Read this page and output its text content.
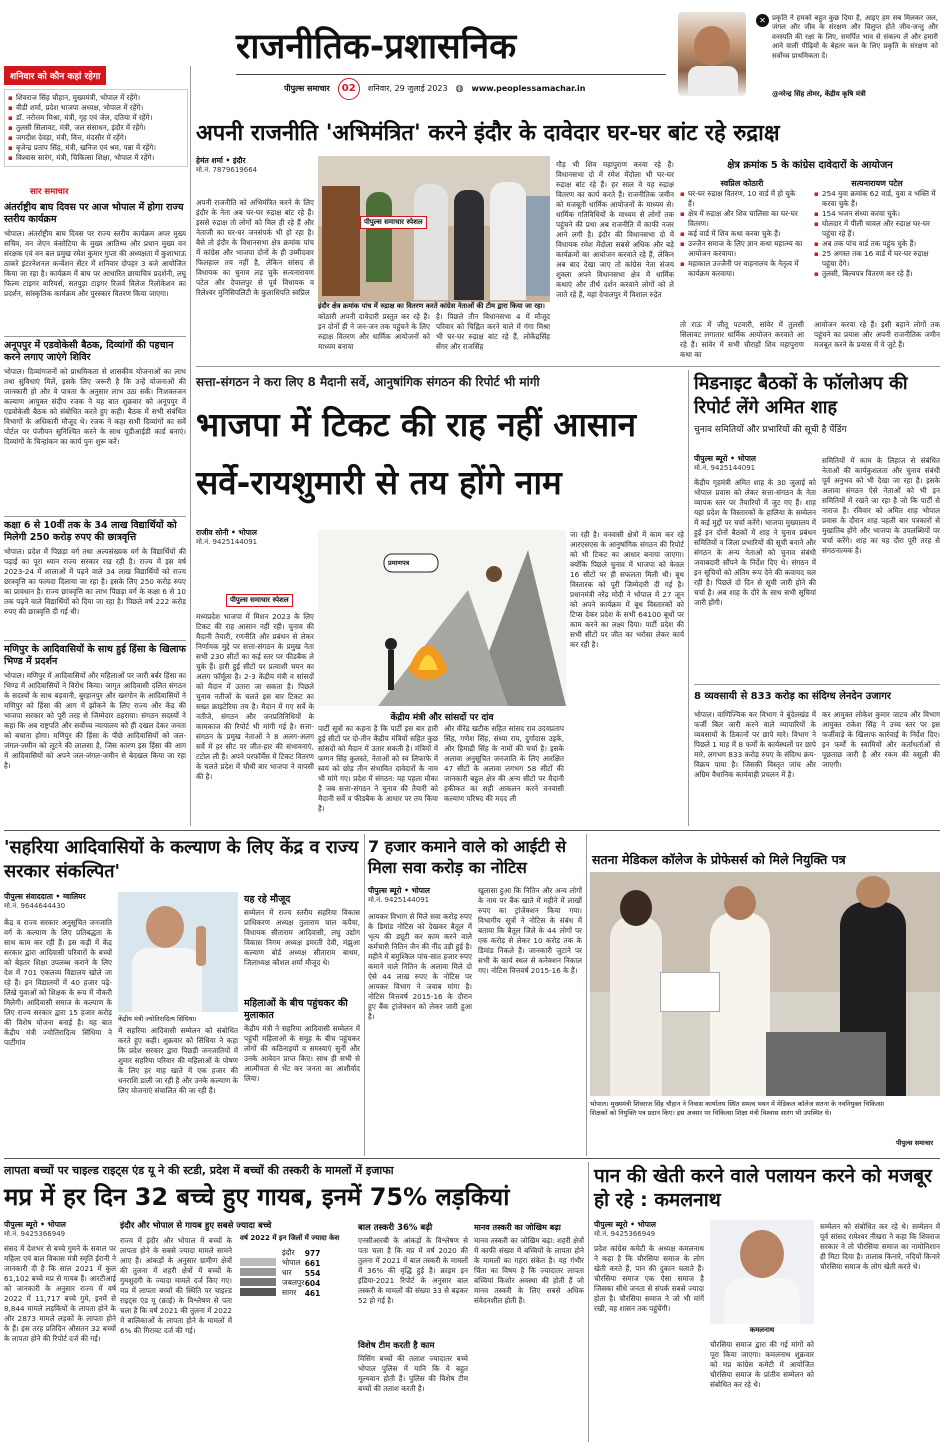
राजनीतिक-प्रशासनिक
पीपुल्स समाचार	02	शनिवार, 29 जुलाई 2023 ◍ www.peoplessamachar.in
✕ प्रकृति ने हमको बहुत कुछ दिया है, आइए हम सब मिलकर जल, जंगल और जीव के संरक्षण और विलुप्त होते जीव-जन्तु और वनस्पति की रक्षा के लिए, समर्पित भाव से संकल्प लें और हमारी आने वाली पीढ़ियों के बेहतर कल के लिए प्रकृति के संरक्षण को सर्वोच्च प्राथमिकता दें।
@नरेन्द्र सिंह तोमर, केंद्रीय कृषि मंत्री
शनिवार को कौन कहां रहेगा
▪ शिवराज सिंह चौहान, मुख्यमंत्री, भोपाल में रहेंगे।
▪ वीडी शर्मा, प्रदेश भाजपा अध्यक्ष, भोपाल में रहेंगे।
▪ डॉ. नरोत्तम मिश्रा, मंत्री, गृह एवं जेल, दतिया में रहेंगे।
▪ तुलसी सिलावट, मंत्री, जल संसाधन, इंदौर में रहेंगे।
▪ जगदीश देवड़ा, मंत्री, वित्त, मंदसौर में रहेंगे।
▪ बृजेन्द्र प्रताप सिंह, मंत्री, खनिज एवं श्रम, पन्ना में रहेंगे।
▪ विश्वास सारंग, मंत्री, चिकित्सा शिक्षा, भोपाल में रहेंगे।
सार समाचार
अंतर्राष्ट्रीय बाघ दिवस पर आज भोपाल में होगा राज्य स्तरीय कार्यक्रम
भोपाल। अंतर्राष्ट्रीय बाघ दिवस पर राज्य स्तरीय कार्यक्रम अपर मुख्य सचिव, वन जेएन कंसोटिया के मुख्य आतिथ्य और प्रधान मुख्य वन संरक्षक एवं वन बल प्रमुख रमेश कुमार गुप्ता की अध्यक्षता में कुशाभाऊ ठाकरे इंटरनेशनल कन्वेंशन सेंटर में शनिवार दोपहर 3 बजे आयोजित किया जा रहा है। कार्यक्रम में बाघ पर आधारित छायाचित्र प्रदर्शनी, लघु फिल्म टाइगर वारियर्स, सतपुड़ा टाइगर रिजर्व विलेज रिलोकेशन का प्रदर्शन, सांस्कृतिक कार्यक्रम और पुरस्कार वितरण किया जाएगा।
अनूपपुर में एडवोकेसी बैठक, दिव्यांगों की पहचान करने लगाए जाएंगे शिविर
भोपाल। दिव्यांगजनों को प्राथमिकता से शासकीय योजनाओं का लाभ तथा सुविधाएं मिलें, इसके लिए जरूरी है कि उन्हें योजनाओं की जानकारी हो और वे पात्रता के अनुसार लाभ उठा सकें। निःशक्तजन कल्याण आयुक्त संदीप रजक ने यह बात शुक्रवार को अनूपपुर में एडवोकेसी बैठक को संबोधित करते हुए कही। बैठक में सभी संबंधित विभागों के अधिकारी मौजूद थे। रजक ने कहा सभी दिव्यांगों का सर्वे पोर्टल पर पंजीयन सुनिश्चित करने के साथ यूडीआईडी कार्ड बनाएं। दिव्यांगों के चिन्हांकन का कार्य पुनः शुरू करें।
कक्षा 6 से 10वीं तक के 34 लाख विद्यार्थियों को मिलेगी 250 करोड़ रुपए की छात्रवृत्ति
भोपाल। प्रदेश में पिछड़ा वर्ग तथा अल्पसंख्यक वर्ग के विद्यार्थियों की पढ़ाई का पूरा ध्यान राज्य सरकार रख रही है। राज्य में इस वर्ष 2023-24 में शालाओं में पढ़ने वाले 34 लाख विद्यार्थियों को राज्य छात्रवृत्ति का फायदा दिलाया जा रहा है। इसके लिए 250 करोड़ रुपए का प्रावधान है। राज्य छात्रवृत्ति का लाभ पिछड़ा वर्ग के कक्षा 6 से 10 तक पढ़ने वाले विद्यार्थियों को दिया जा रहा है। पिछले वर्ष 222 करोड़ रुपए की छात्रवृत्ति दी गई थी।
मणिपुर के आदिवासियों के साथ हुई हिंसा के खिलाफ भिण्ड में प्रदर्शन
भोपाल। मणिपुर में आदिवासियों और महिलाओं पर जारी बर्बर हिंसा का भिण्ड में आदिवासियों ने विरोध किया। जागृत आदिवासी दलित संगठन के सदस्यों के साथ बड़वानी, बुरहानपुर और खरगोन के आदिवासियों ने मणिपुर को हिंसा की आग में झोंकने के लिए राज्य और केंद्र की भाजपा सरकार को पूरी तरह से जिम्मेदार ठहराया। संगठन सदस्यों ने कहा कि अब राष्ट्रपति और सर्वोच्च न्यायालय को ही दखल देकर जनता को बचाना होगा। मणिपुर की हिंसा के पीछे आदिवासियों को जल-जंगल-जमीन को लूटने की लालसा है, जिस कारण इस हिंसा की आग में आदिवासियों को अपने जल-जंगल-जमीन से बेदखल किया जा रहा है।
अपनी राजनीति 'अभिमंत्रित' करने इंदौर के दावेदार घर-घर बांट रहे रुद्राक्ष
हेमंत शर्मा • इंदौर
मो.नं. 7879619664
अपनी राजनीति को अभिमंत्रित करने के लिए इंदौर के नेता अब घर-घर रुद्राक्ष बांट रहे हैं। इससे रुद्राक्ष तो लोगों को मिल ही रहे हैं और नेताजी का घर-घर जनसंपर्क भी हो रहा है। बैसे तो इंदौर के विधानसभा क्षेत्र क्रमांक पांच में कांग्रेस और भाजपा दोनों के ही उम्मीदवार फिलहाल तय नहीं है, लेकिन सांसद से विधायक का चुनाव लड़ चुके सत्यनारायण पटेल और देपालपुर से पूर्व विधायक व रिलेश्वर मुनिसिपलिटी के कुलाधिपति स्वप्निल
पीपुल्स समाचार स्पेशल
इंदौर क्षेत्र क्रमांक पांच में रुद्राक्ष का वितरण करते कांग्रेस नेताओं की टीम द्वारा किया जा रहा।
कोठारी अपनी दावेदारी प्रस्तुत कर रहे हैं। इन दोनों ही ने जन-जन तक पहुंचने के लिए रुद्राक्ष वितरण और धार्मिक आयोजनों को माध्यम बनाया
है। पिछले तीन विधानसभा 4 में मौजूद परिवार को चिह्नित करने वाले में गंगा मिश्रा भी घर-घर रुद्राक्ष बांट रहे हैं, लोकेंद्रसिंह सेंगर और राजसिंह
गौड़ भी शिव महापुराण करवा रहे हैं। विधानसभा दो में रमेश मेंदोला भी घर-घर रुद्राक्ष बांट रहे हैं। हर साल वे यह रुद्राक्ष वितरण का कार्य करते हैं। राजनीतिक जमीन को मजबूती धार्मिक आयोजनों के माध्यम से। धार्मिक गतिविधियों के माध्यम से लोगों तक पहुंचने की प्रथा अब राजनीति में काफी नजर आने लगी है। इंदौर की विधानसभा दो में विधायक रमेश मेंदोला सबसे अधिक और बड़े कार्यक्रमों का आयोजन करवाते रहे हैं, लेकिन अब बाद देखा जाए तो कांग्रेस नेता संजय शुक्ला अपने विधानसभा क्षेत्र में धार्मिक कथाएं और तीर्थ दर्शन करवाने लोगों को ले जाते रहे हैं, यहां देपालपुर में विशाल रुद्रेत
क्षेत्र क्रमांक 5 के कांग्रेस दावेदारों के आयोजन
स्वप्निल कोठारी
▪ घर-घर रुद्राक्ष वितरण, 10 वार्ड में हो चुके हैं।
▪ क्षेत्र में रुद्राक्ष और शिव चालिसा का घर-घर वितरण।
▪ कई वार्ड में शिव कथा करवा चुके हैं।
▪ उज्जैन समाज के लिए ज्ञान कथा महात्म्य का आयोजन करवाया।
▪ महाकाल उज्जैनी पर वाहनालय के नेतृत्व में कार्यक्रम करवाया।
सत्यनारायण पटेल
▪ 254 युवा क्रमांक 62 वार्ड, युवा व भक्ति में करवा चुके हैं।
▪ 154 भजन संध्या करवा चुके।
▪ घोलदार में पीली चावल और रुद्राक्ष घर-घर पहुंचा रहे हैं।
▪ अब तक पांच वार्ड तक पहुंच चुके हैं।
▪ 25 अगस्त तक 16 वार्ड में घर-घर रुद्राक्ष पहुंचा देंगे।
▪ तुलसी, बिल्वपत्र वितरण कर रहे हैं।
तो राऊ में जीतू पटवारी, सांवेर में तुलसी सिलावट लगातार धार्मिक आयोजन करवाते आ रहे हैं। सांवेर में सभी चौराहों शिव महापुराण कथा का
आयोजन करवा रहे हैं। इसी बहाने लोगों तक पहुंचने का प्रयास और अपनी राजनीतिक जमीन मजबूत करने के प्रयास में ये जुटे हैं।
सत्ता-संगठन ने करा लिए 8 मैदानी सर्वे, आनुषांगिक संगठन की रिपोर्ट भी मांगी
भाजपा में टिकट की राह नहीं आसान
सर्वे-रायशुमारी से तय होंगे नाम
राजीव सोनी • भोपाल
मो.नं. 9425144091
पीपुल्स समाचार स्पेशल
मध्यप्रदेश भाजपा में मिशन 2023 के लिए टिकट की राह आसान नहीं रही। चुनाव की मैदानी तैयारी, रणनीति और प्रबंधन से लेकर निर्णायक मुद्दे पर सत्ता-संगठन के प्रमुख नेता सभी 230 सीटों का कई स्तर पर फीडबैक ले चुके हैं। हारी हुई सीटों पर प्रत्याशी चयन का अलग फॉर्मूला है। 2-3 केंद्रीय मंत्री व सांसदों को मैदान में उतारा जा सकता है। पिछले चुनाव नतीजों के चलते इस बार टिकट का सख्त क्राइटेरिया तय है। मैदान में गए सर्वे के नतीजे, संगठन और जनप्रतिनिधियों के कामकाज की रिपोर्ट भी मांगी गई है। सत्ता-संगठन के प्रमुख नेताओं ने 8 अलग-अलग सर्वे में हर सीट पर जीत-हार की संभावनाएं, टटोल ली हैं। अपने परफॉर्मेंस में टिकट वितरण के चलते प्रदेश में चौथी बार भाजपा ने वापसी की है।
प्रमाणपत्र
केंद्रीय मंत्री और सांसदों पर दांव
पार्टी सूत्रों का कहना है कि पार्टी इस बार हारी हुई सीटों पर दो-तीन केंद्रीय मंत्रियों सहित कुछ सांसदों को मैदान में उतार सकती है। मंत्रियों में फग्गन सिंह कुलस्ते, नेताओं को स्व लिफाफे में स्वयं को छोड़ तीन संभावित दावेदारों के नाम भी मांगे गए। प्रदेश में संगठन: यह पहला मौका है जब सत्ता-संगठन ने चुनाव की तैयारी को मैदानी सर्वे व फीडबैक के आधार पर तय किया है।
और वीरेंद्र खटीक सहित सांसद राव उदयप्रताप सिंह, गणेश सिंह, संध्या राय, दुर्गादास उइके, और हिमाद्री सिंह के नामों की चर्चा है। इसके अलावा अनुसूचित जनजाति के लिए आरक्षित 47 सीटों के अलावा लगभग 58 सीटों की जानकारी बहुल क्षेत्र की अन्य सीटों पर मैदानी हकीकत का सही आकलन करने वनवासी कल्याण परिषद की मदद ली
जा रही है। वनवासी क्षेत्रों में काम कर रहे आरएसएस के आनुषांगिक संगठन की रिपोर्ट को भी टिकट का आधार बनाया जाएगा। क्योंकि पिछले चुनाव में भाजपा को केवल 16 सीटों पर ही सफलता मिली थी। बूथ विस्तारक को पूरी जिम्मेदारी दी गई है। प्रधानमंत्री नरेंद्र मोदी ने भोपाल में 27 जून को अपने कार्यक्रम में बूथ विस्तारकों को टिप्स देकर प्रदेश के सभी 64100 बूथों पर काम करने का लक्ष्य दिया। पार्टी प्रदेश की सभी सीटों पर जीत का भरोसा लेकर कार्य कर रही है।
मिडनाइट बैठकों के फॉलोअप की रिपोर्ट लेंगे अमित शाह
चुनाव समितियों और प्रभारियों की सूची है पेंडिंग
पीपुल्स ब्यूरो • भोपाल
मो.नं. 9425144091
केंद्रीय गृहमंत्री अमित शाह के 30 जुलाई को भोपाल प्रवास को लेकर सत्ता-संगठन के नेता व्यापक स्तर पर तैयारियों में जुट गए हैं। शाह यहां प्रदेश के विस्तारकों के हालिया के सम्मेलन में कई मुद्दों पर चर्चा करेंगे। भाजपा मुख्यालय में हुई इन दोनों बैठकों में शाह ने चुनाव प्रबंधन समितियों व जिला प्रभारियों की सूची बनाने और संगठन के अन्य नेताओं को चुनाव संबंधी जवाबदारी सौंपने के निर्देश दिए थे। संगठन में इन सूचियों को अंतिम रूप देने की कवायद चल रही है। पिछले दो दिन से सूची जारी होने की चर्चा है। अब शाह के दौरे के साथ सभी सूचियां जारी होंगी।
समितियों में काम के लिहाज से संबंधित नेताओं की कार्यकुशलता और चुनाव संबंधी पूर्व अनुभव को भी देखा जा रहा है। इसके अलावा संगठन ऐसे नेताओं को भी इन समितियों में रखने जा रहा है जो कि पार्टी से नाराज हैं। रविवार को अमित शाह भोपाल प्रवास के दौरान शाह पहली बार पत्रकारों से मुखातिब होंगे और भाजपा के उपलब्धियों पर चर्चा करेंगे। शाह का यह दौरा पूरी तरह से संगठनात्मक है।
8 व्यवसायी से 833 करोड़ का संदिग्ध लेनदेन उजागर
भोपाल। वाणिज्यिक कर विभाग ने बुंदेलखंड में फर्जी बिल जारी करने वाले व्यापारियों के व्यवसायों के ठिकानों पर छापे मारे। विभाग ने पिछले 1 माह में 8 फर्मों के कार्यस्थलों पर छापे मारे, लगभग 833 करोड़ रुपए के संदिग्ध क्रय-विक्रय पाया है। जिसकी विस्तृत जांच और अग्रिम वैधानिक कार्यवाही प्रचलन में है।
कर आयुक्त लोकेश कुमार जाटव और विभाग आयुक्त राकेश सिंह ने उच्च स्तर पर इस फर्जीवाड़े के खिलाफ कार्रवाई के निर्देश दिए। इन फर्मों के स्वामियों और कर्ताधर्ताओं से पूछताछ जारी है और रकम की वसूली की जाएगी।
'सहरिया आदिवासियों के कल्याण के लिए केंद्र व राज्य सरकार संकल्पित'
पीपुल्स संवाददाता • ग्वालियर
मो.नं. 9644644430
केंद्रीय मंत्री ज्योतिरादित्य सिंधिया।
केंद्र व राज्य सरकार अनुसूचित जनजाति वर्ग के कल्याण के लिए प्रतिबद्धता के साथ काम कर रही हैं। इस कड़ी में केंद्र सरकार द्वारा आदिवासी परिवारों के बच्चों को बेहतर शिक्षा उपलब्ध कराने के लिए देश में 701 एकलव्य विद्यालय खोले जा रहे हैं। इन विद्यालयों में 40 हजार पढ़े-लिखे युवाओं को शिक्षक के रूप में नौकरी मिलेगी। आदिवासी समाज के कल्याण के लिए राज्य सरकार द्वारा 15 हजार करोड़ की विशेष योजना बनाई है। यह बात केंद्रीय मंत्री ज्योतिरादित्य सिंधिया ने पार्टीगांव
में सहरिया आदिवासी सम्मेलन को संबोधित करते हुए कही। शुक्रवार को सिंधिया ने कहा कि प्रदेश सरकार द्वारा पिछड़ी जनजातियों में शुमार सहरिया परिवार की महिलाओं के पोषण के लिए हर माह खाते में एक हजार की धनराशि डाली जा रही है और उनके कल्याण के लिए योजनाएं संचालित की जा रही हैं।
यह रहे मौजूद
सम्मेलन में राज्य स्तरीय सहरिया विकास प्राधिकरण अध्यक्ष तुलाराम चाल कपैया, विधायक सीताराम आदिवासी, लघु उद्योग विकास निगम अध्यक्ष इमरती देवी, मंझुआ कल्याण बोर्ड अध्यक्ष सीताराम बाथम, जिलाध्यक्ष कौशल शर्मा मौजूद थे।
महिलाओं के बीच पहुंचकर की मुलाकात
केंद्रीय मंत्री ने सहरिया आदिवासी सम्मेलन में पहुंची महिलाओं के समूह के बीच पहुंचकर लोगों की कठिनाइयों व समस्याएं सुनीं और उनके आवेदन प्राप्त किए। साथ ही सभी से आत्मीयता से भेंट कर जनता का आशीर्वाद लिया।
7 हजार कमाने वाले को आईटी से मिला सवा करोड़ का नोटिस
पीपुल्स ब्यूरो • भोपाल
मो.नं. 9425144091
आयकर विभाग से मिले सवा करोड़ रुपए के डिमांड नोटिस को देखकर बैतूल में भृत्य की ड्यूटी कर काम करने वाले कर्मचारी नितिन जैन की नींद उड़ी हुई है। महीने में बमुश्किल पांच-सात हजार रुपए कमाने वाले नितिन के अलावा मिले दो ऐसे 44 लाख रुपए के नोटिस पर आयकर विभाग ने जवाब मांगा है। नोटिस वित्तवर्ष 2015-16 के दौरान हुए बैंक ट्रांजेक्शन को लेकर जारी हुआ है।
खुलासा हुआ कि नितिन और अन्य लोगों के नाम पर बैंक खाते में महीने में लाखों रुपए का ट्रांजेक्शन किया गया। विभागीय सूत्रों ने नोटिस के संबंध में बताया कि बैतूल जिले के 44 लोगों पर एक करोड़ से लेकर 10 करोड़ तक के डिमांड निकले हैं। जानकारी जुटाने पर सभी के कार्य स्थल से कनेक्शन निकाल गए। नोटिस वित्तवर्ष 2015-16 के हैं।
सतना मेडिकल कॉलेज के प्रोफेसर्स को मिले नियुक्ति पत्र
भोपाल। मुख्यमंत्री शिवराज सिंह चौहान ने निवास कार्यालय स्थित समत्व भवन में मेडिकल कॉलेज सतना के नवनियुक्त चिकित्सा शिक्षकों को नियुक्ति पत्र प्रदान किए। इस अवसर पर चिकित्सा शिक्षा मंत्री विश्वास सारंग भी उपस्थित थे।
पीपुल्स समाचार
लापता बच्चों पर चाइल्ड राइट्स एंड यू ने की स्टडी, प्रदेश में बच्चों की तस्करी के मामलों में इजाफा
मप्र में हर दिन 32 बच्चे हुए गायब, इनमें 75% लड़कियां
पीपुल्स ब्यूरो • भोपाल
मो.नं. 9425366949
संसद में देशभर से बच्चे गुमने के सवाल पर महिला एवं बाल विकास मंत्री स्मृति ईरानी ने जानकारी दी है कि साल 2021 में कुल 61,102 बच्चे मप्र से गायब हैं। आरटीआई को जानकारी के अनुसार राज्य में वर्ष 2022 में 11,717 बच्चे गुमे, इनमें से 8,844 मामले लड़कियों के लापता होने के और 2873 मामले लड़कों के लापता होने के हैं। इस तरह प्रतिदिन औसतन 32 बच्चों के लापता होने की रिपोर्ट दर्ज की गई।
इंदौर और भोपाल से गायब हुए सबसे ज्यादा बच्चे
राज्य में इंदौर और भोपाल में बच्चों के लापता होने के सबसे ज्यादा मामले सामने आए हैं। आंकड़ों के अनुसार ग्रामीण क्षेत्रों की तुलना में शहरी क्षेत्रों में बच्चों के गुमशुदगी के ज्यादा मामले दर्ज किए गए। मप्र में लापता बच्चों की स्थिति पर चाइल्ड राइट्स एंड यू (क्राई) के विश्लेषण से पता चला है कि वर्ष 2021 की तुलना में 2022 में बालिकाओं के लापता होने के मामलों में 6% की गिरावट दर्ज की गई।
वर्ष 2022 में इन जिलों में ज्यादा केस
इंदौर	977
भोपाल	661
धार	554
जबलपुर	604
सागर	461
बाल तस्करी 36% बढ़ी
एनसीआरबी के आंकड़ों के विश्लेषण से पता चला है कि मप्र में वर्ष 2020 की तुलना में 2021 में बाल तस्करी के मामलों में 36% की वृद्धि हुई है। क्राइम इन इंडिया-2021 रिपोर्ट के अनुसार बाल तस्करी के मामलों की संख्या 33 से बढ़कर 52 हो गई है।
विशेष टीम करती है काम
मिसिंग बच्चों की तलाश ज्यादातर बच्चे भोपाल पुलिस में यानि कि ये बहुत मूल्यवान होती हैं। पुलिस की विशेष टीम बच्चों की तलाश करती है।
मानव तस्करी का जोखिम बढ़ा
मानव तस्करी का जोखिम बढ़ा: शहरी क्षेत्रों में काफी संख्या में बच्चियों के लापता होने के मामलों का गहरा संकेत है। यह गंभीर चिंता का विषय है कि ज्यादातर लापता बच्चियां किशोर अवस्था की होती हैं जो मानव तस्करी के लिए सबसे अधिक संवेदनशील होती हैं।
पान की खेती करने वाले पलायन करने को मजबूर हो रहे : कमलनाथ
पीपुल्स ब्यूरो • भोपाल
मो.नं. 9425366949
प्रदेश कांग्रेस कमेटी के अध्यक्ष कमलनाथ ने कहा है कि चौरसिया समाज के लोग खेती करते हैं, पान की दुकान चलाते हैं। चौरसिया समाज एक ऐसा समाज है जिसका सीधे जनता से संपर्क सबसे ज्यादा होता है। चौरसिया समाज ने जो भी मांगें रखी, वह शासन तक पहुंचेंगी।
कमलनाथ
चौरसिया समाज द्वारा की गई मांगों को पूरा किया जाएगा। कमलनाथ शुक्रवार को मप्र कांग्रेस कमेटी में आयोजित चौरसिया समाज के प्रांतीय सम्मेलन को संबोधित कर रहे थे।
सम्मेलन को संबोधित कर रहे थे। सम्मेलन में पूर्व सांसद रामेश्वर नीखरा ने कहा कि शिवराज सरकार ने तो चौरसिया समाज का नामोनिशान ही मिटा दिया है। तालाब किनारे, नदियों किनारे चौरसिया समाज के लोग खेती करते थे।
